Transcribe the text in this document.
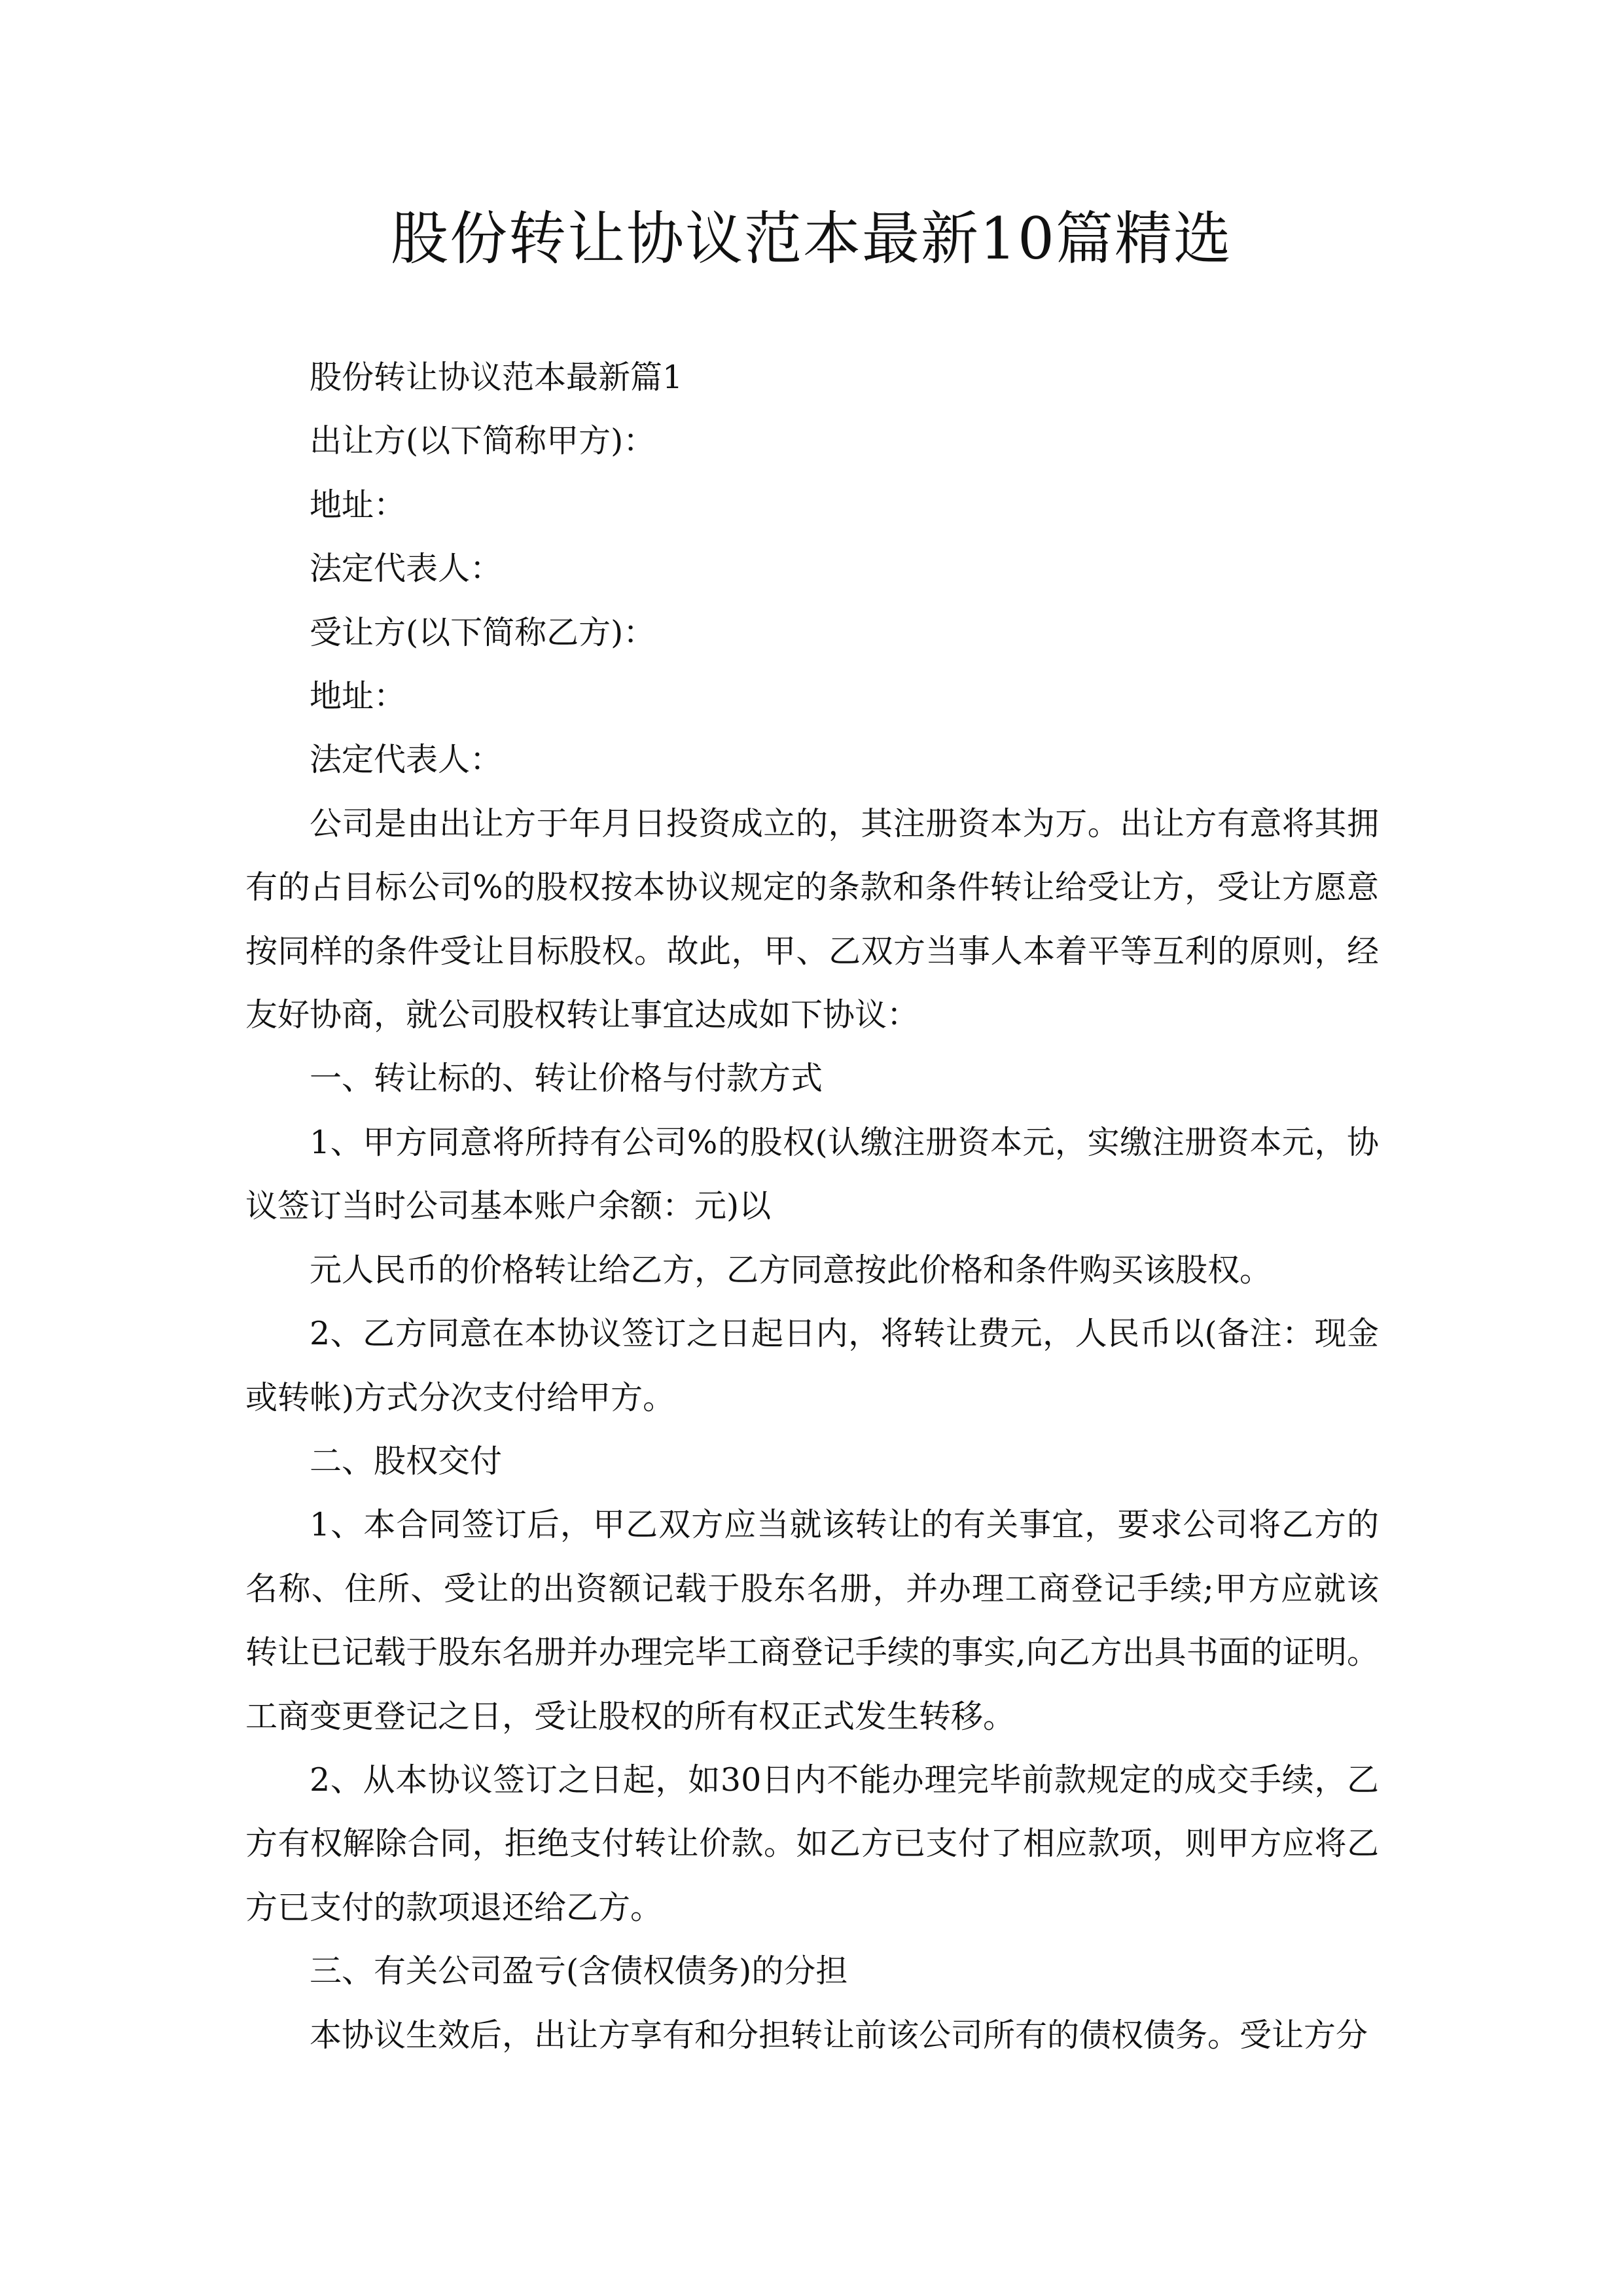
股份转让协议范本最新10篇精选
股份转让协议范本最新篇1
出让方(以下简称甲方)：
地址：
法定代表人：
受让方(以下简称乙方)：
地址：
法定代表人：
公司是由出让方于年月日投资成立的，其注册资本为万。出让方有意将其拥
有的占目标公司%的股权按本协议规定的条款和条件转让给受让方，受让方愿意
按同样的条件受让目标股权。故此，甲、乙双方当事人本着平等互利的原则，经
友好协商，就公司股权转让事宜达成如下协议：
一、转让标的、转让价格与付款方式
1、甲方同意将所持有公司%的股权(认缴注册资本元，实缴注册资本元，协
议签订当时公司基本账户余额：元)以
元人民币的价格转让给乙方，乙方同意按此价格和条件购买该股权。
2、乙方同意在本协议签订之日起日内，将转让费元，人民币以(备注：现金
或转帐)方式分次支付给甲方。
二、股权交付
1、本合同签订后，甲乙双方应当就该转让的有关事宜，要求公司将乙方的
名称、住所、受让的出资额记载于股东名册，并办理工商登记手续;甲方应就该
转让已记载于股东名册并办理完毕工商登记手续的事实,向乙方出具书面的证明。
工商变更登记之日，受让股权的所有权正式发生转移。
2、从本协议签订之日起，如30日内不能办理完毕前款规定的成交手续，乙
方有权解除合同，拒绝支付转让价款。如乙方已支付了相应款项，则甲方应将乙
方已支付的款项退还给乙方。
三、有关公司盈亏(含债权债务)的分担
本协议生效后，出让方享有和分担转让前该公司所有的债权债务。受让方分
